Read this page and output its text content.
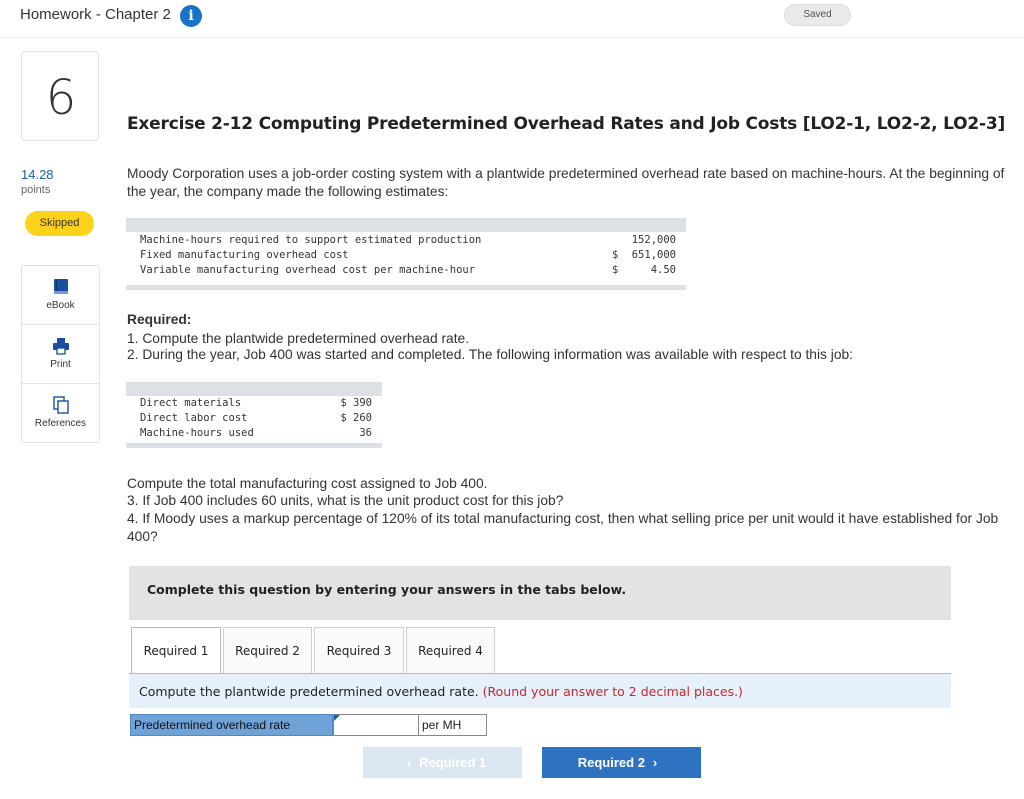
Homework - Chapter 2	i	Saved
6
14.28
points
Skipped
eBook
Print
References
Exercise 2-12 Computing Predetermined Overhead Rates and Job Costs [LO2-1, LO2-2, LO2-3]
Moody Corporation uses a job-order costing system with a plantwide predetermined overhead rate based on machine-hours. At the beginning of the year, the company made the following estimates:
Machine-hours required to support estimated production	152,000
Fixed manufacturing overhead cost	$ 651,000
Variable manufacturing overhead cost per machine-hour	$	4.50
Required:
1. Compute the plantwide predetermined overhead rate.
2. During the year, Job 400 was started and completed. The following information was available with respect to this job:
Direct materials	$ 390
Direct labor cost	$ 260
Machine-hours used	36
Compute the total manufacturing cost assigned to Job 400.
3. If Job 400 includes 60 units, what is the unit product cost for this job?
4. If Moody uses a markup percentage of 120% of its total manufacturing cost, then what selling price per unit would it have established for Job 400?
Complete this question by entering your answers in the tabs below.
Required 1	Required 2	Required 3	Required 4
Compute the plantwide predetermined overhead rate. (Round your answer to 2 decimal places.)
Predetermined overhead rate	per MH
‹ Required 1	Required 2 ›
